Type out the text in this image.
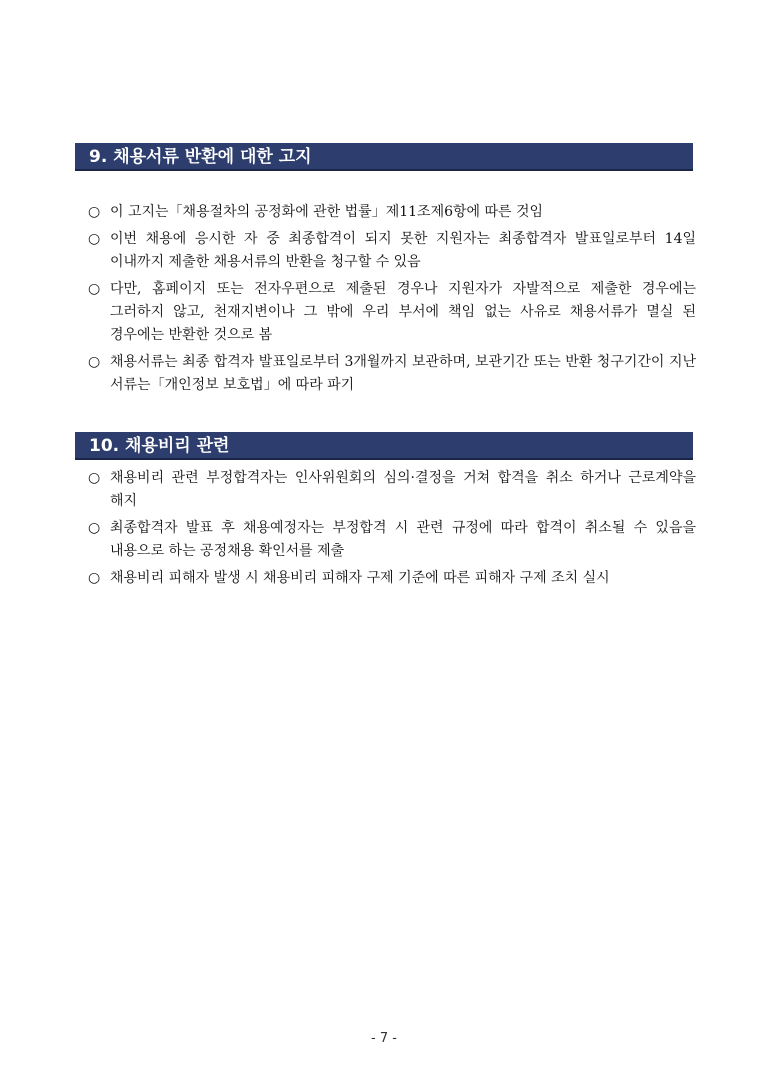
9. 채용서류 반환에 대한 고지
○ 이 고지는「채용절차의 공정화에 관한 법률」제11조제6항에 따른 것임
○ 이번 채용에 응시한 자 중 최종합격이 되지 못한 지원자는 최종합격자 발표일로부터 14일 이내까지 제출한 채용서류의 반환을 청구할 수 있음
○ 다만, 홈페이지 또는 전자우편으로 제출된 경우나 지원자가 자발적으로 제출한 경우에는 그러하지 않고, 천재지변이나 그 밖에 우리 부서에 책임 없는 사유로 채용서류가 멸실 된 경우에는 반환한 것으로 봄
○ 채용서류는 최종 합격자 발표일로부터 3개월까지 보관하며, 보관기간 또는 반환 청구기간이 지난 서류는「개인정보 보호법」에 따라 파기
10. 채용비리 관련
○ 채용비리 관련 부정합격자는 인사위원회의 심의·결정을 거쳐 합격을 취소 하거나 근로계약을 해지
○ 최종합격자 발표 후 채용예정자는 부정합격 시 관련 규정에 따라 합격이 취소될 수 있음을 내용으로 하는 공정채용 확인서를 제출
○ 채용비리 피해자 발생 시 채용비리 피해자 구제 기준에 따른 피해자 구제 조치 실시
- 7 -
